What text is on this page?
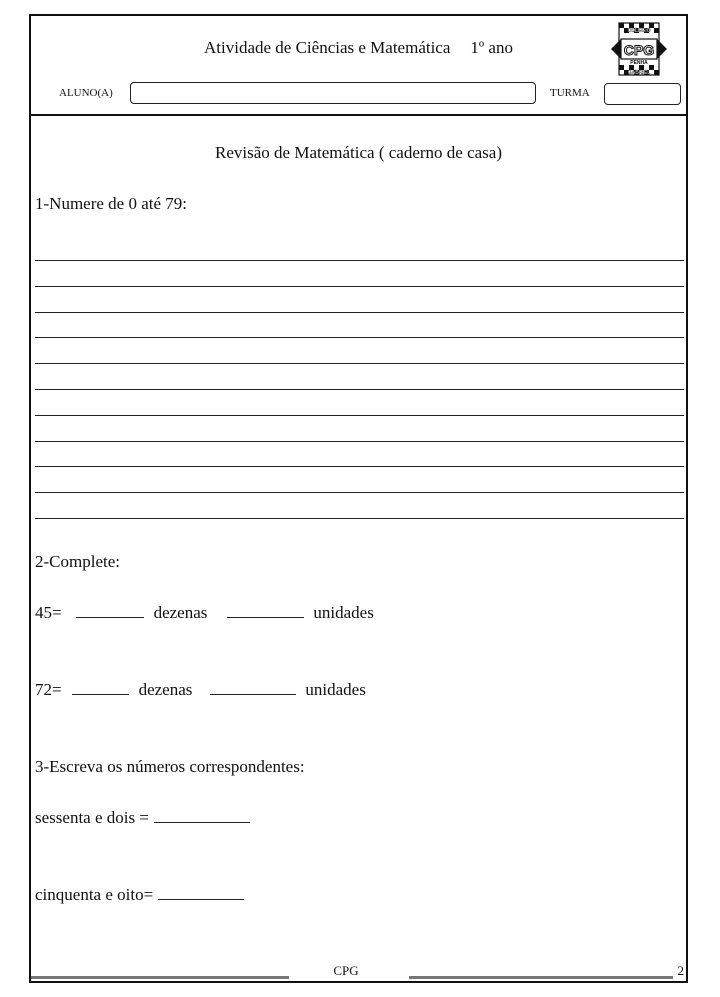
Atividade de Ciências e Matemática 1º ano
COLÉGIO
CPG
PENHA
GABRIEL
ALUNO(A)	TURMA
Revisão de Matemática ( caderno de casa)
1-Numere de 0 até 79:
2-Complete:
45=	dezenas	unidades
72=	dezenas	unidades
3-Escreva os números correspondentes:
sessenta e dois =
cinquenta e oito=
CPG	2
